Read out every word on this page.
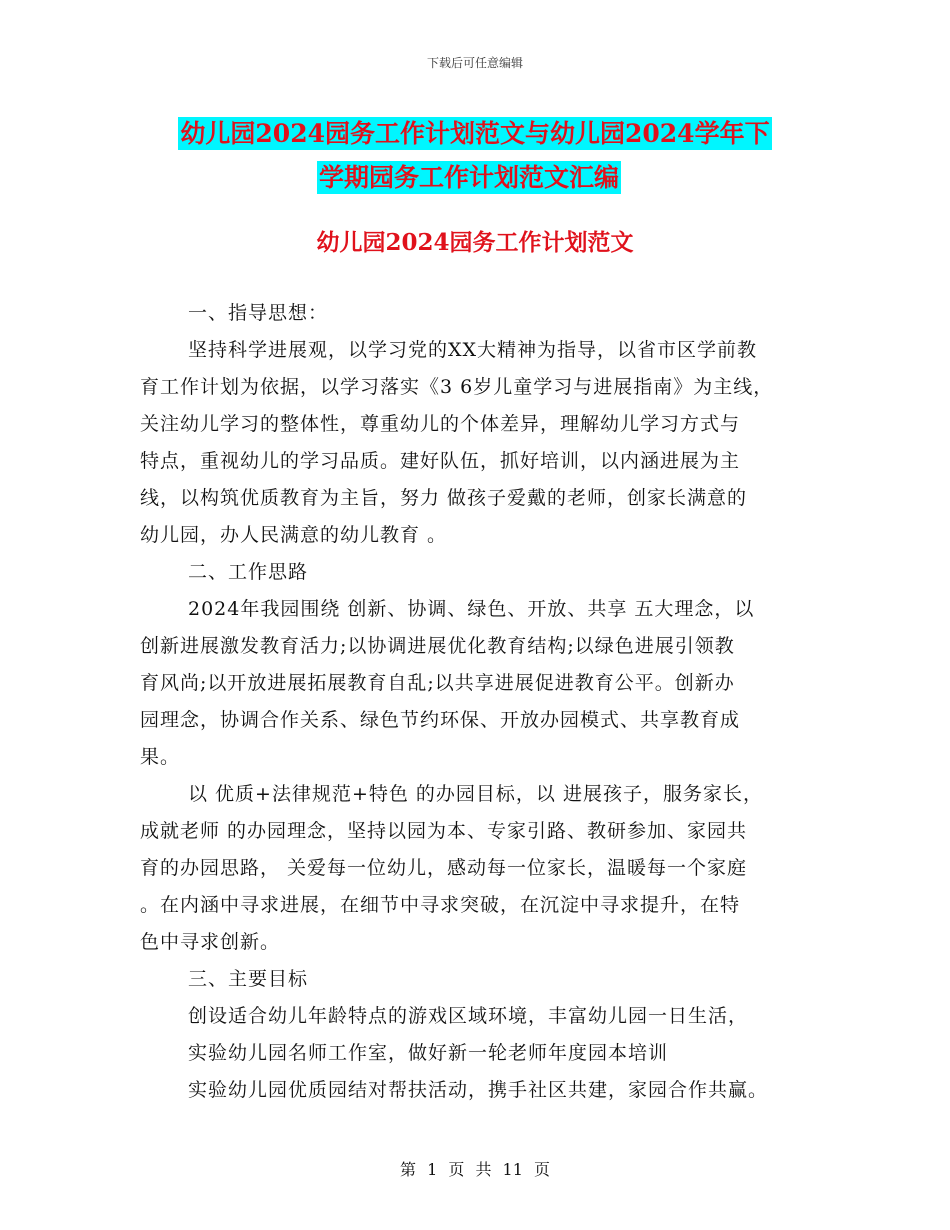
下载后可任意编辑
幼儿园2024园务工作计划范文与幼儿园2024学年下
学期园务工作计划范文汇编
幼儿园2024园务工作计划范文
一、指导思想：
坚持科学进展观，以学习党的XX大精神为指导，以省市区学前教
育工作计划为依据，以学习落实《3 6岁儿童学习与进展指南》为主线，
关注幼儿学习的整体性，尊重幼儿的个体差异，理解幼儿学习方式与
特点，重视幼儿的学习品质。建好队伍，抓好培训，以内涵进展为主
线，以构筑优质教育为主旨，努力 做孩子爱戴的老师，创家长满意的
幼儿园，办人民满意的幼儿教育 。
二、工作思路
2024年我园围绕 创新、协调、绿色、开放、共享 五大理念，以
创新进展激发教育活力;以协调进展优化教育结构;以绿色进展引领教
育风尚;以开放进展拓展教育自乱;以共享进展促进教育公平。创新办
园理念，协调合作关系、绿色节约环保、开放办园模式、共享教育成
果。
以 优质+法律规范+特色 的办园目标，以 进展孩子，服务家长，
成就老师 的办园理念，坚持以园为本、专家引路、教研参加、家园共
育的办园思路， 关爱每一位幼儿，感动每一位家长，温暖每一个家庭
。在内涵中寻求进展，在细节中寻求突破，在沉淀中寻求提升，在特
色中寻求创新。
三、主要目标
创设适合幼儿年龄特点的游戏区域环境，丰富幼儿园一日生活，
实验幼儿园名师工作室，做好新一轮老师年度园本培训
实验幼儿园优质园结对帮扶活动，携手社区共建，家园合作共赢。
第 1 页 共 11 页
